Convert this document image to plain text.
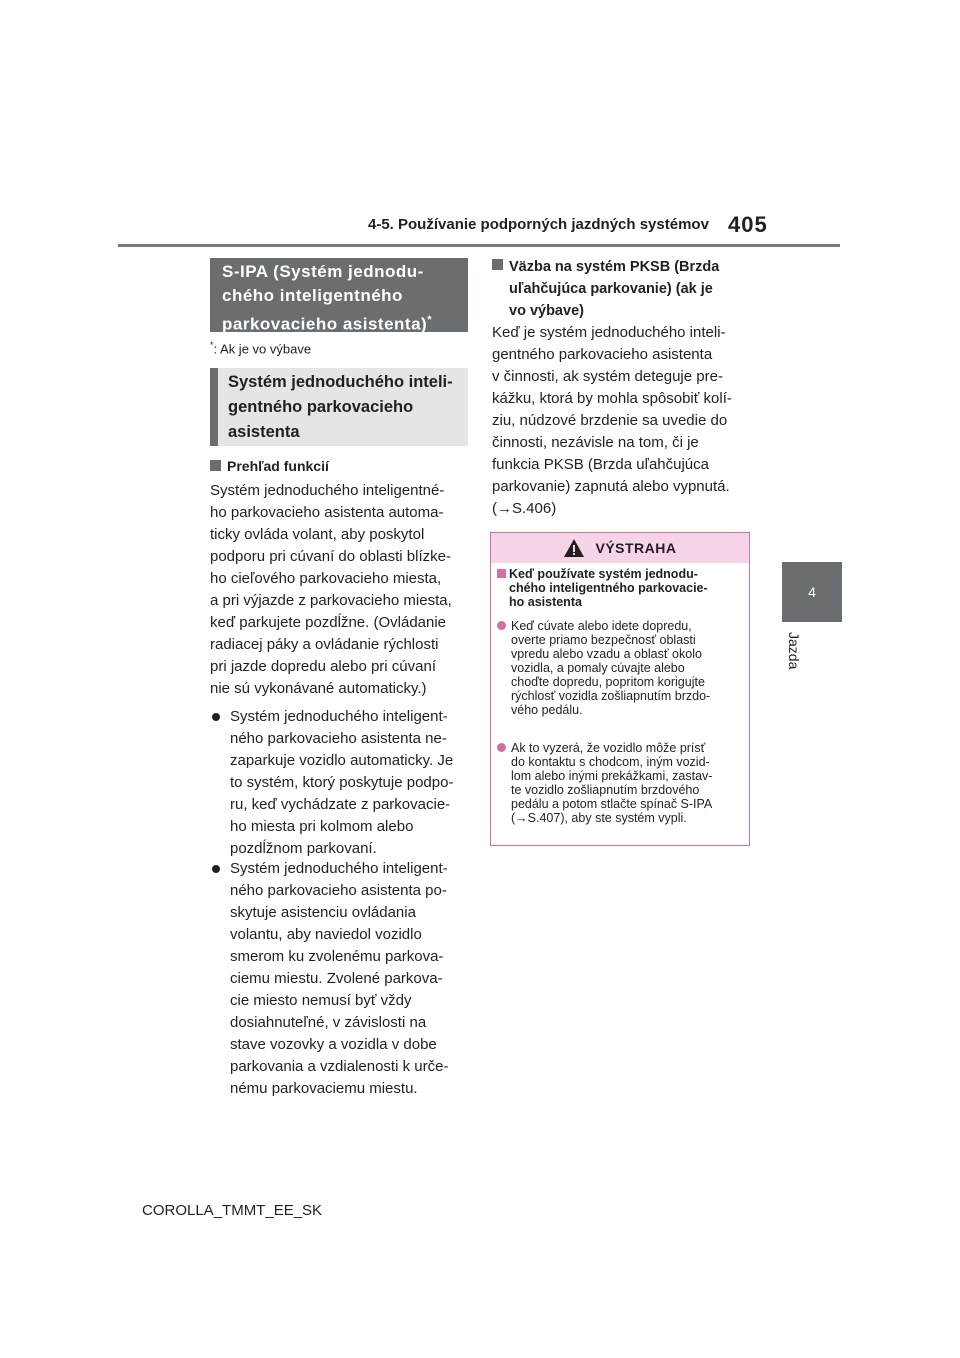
4-5. Používanie podporných jazdných systémov 405
4
Jazda
S-IPA (Systém jednodu-
chého inteligentného
parkovacieho asistenta)*
*: Ak je vo výbave
Systém jednoduchého inteli-
gentného parkovacieho
asistenta
Prehľad funkcií
Systém jednoduchého inteligentné-
ho parkovacieho asistenta automa-
ticky ovláda volant, aby poskytol
podporu pri cúvaní do oblasti blízke-
ho cieľového parkovacieho miesta,
a pri výjazde z parkovacieho miesta,
keď parkujete pozdĺžne. (Ovládanie
radiacej páky a ovládanie rýchlosti
pri jazde dopredu alebo pri cúvaní
nie sú vykonávané automaticky.)
Systém jednoduchého inteligent-
ného parkovacieho asistenta ne-
zaparkuje vozidlo automaticky. Je
to systém, ktorý poskytuje podpo-
ru, keď vychádzate z parkovacie-
ho miesta pri kolmom alebo
pozdĺžnom parkovaní.
Systém jednoduchého inteligent-
ného parkovacieho asistenta po-
skytuje asistenciu ovládania
volantu, aby naviedol vozidlo
smerom ku zvolenému parkova-
ciemu miestu. Zvolené parkova-
cie miesto nemusí byť vždy
dosiahnuteľné, v závislosti na
stave vozovky a vozidla v dobe
parkovania a vzdialenosti k urče-
nému parkovaciemu miestu.
Väzba na systém PKSB (Brzda
uľahčujúca parkovanie) (ak je
vo výbave)
Keď je systém jednoduchého inteli-
gentného parkovacieho asistenta
v činnosti, ak systém deteguje pre-
kážku, ktorá by mohla spôsobiť kolí-
ziu, núdzové brzdenie sa uvedie do
činnosti, nezávisle na tom, či je
funkcia PKSB (Brzda uľahčujúca
parkovanie) zapnutá alebo vypnutá.
(→S.406)
VÝSTRAHA
Keď používate systém jednodu-
chého inteligentného parkovacie-
ho asistenta
Keď cúvate alebo idete dopredu,
overte priamo bezpečnosť oblasti
vpredu alebo vzadu a oblasť okolo
vozidla, a pomaly cúvajte alebo
choďte dopredu, popritom korigujte
rýchlosť vozidla zošliapnutím brzdo-
vého pedálu.
Ak to vyzerá, že vozidlo môže prísť
do kontaktu s chodcom, iným vozid-
lom alebo inými prekážkami, zastav-
te vozidlo zošliapnutím brzdového
pedálu a potom stlačte spínač S-IPA
(→S.407), aby ste systém vypli.
COROLLA_TMMT_EE_SK
